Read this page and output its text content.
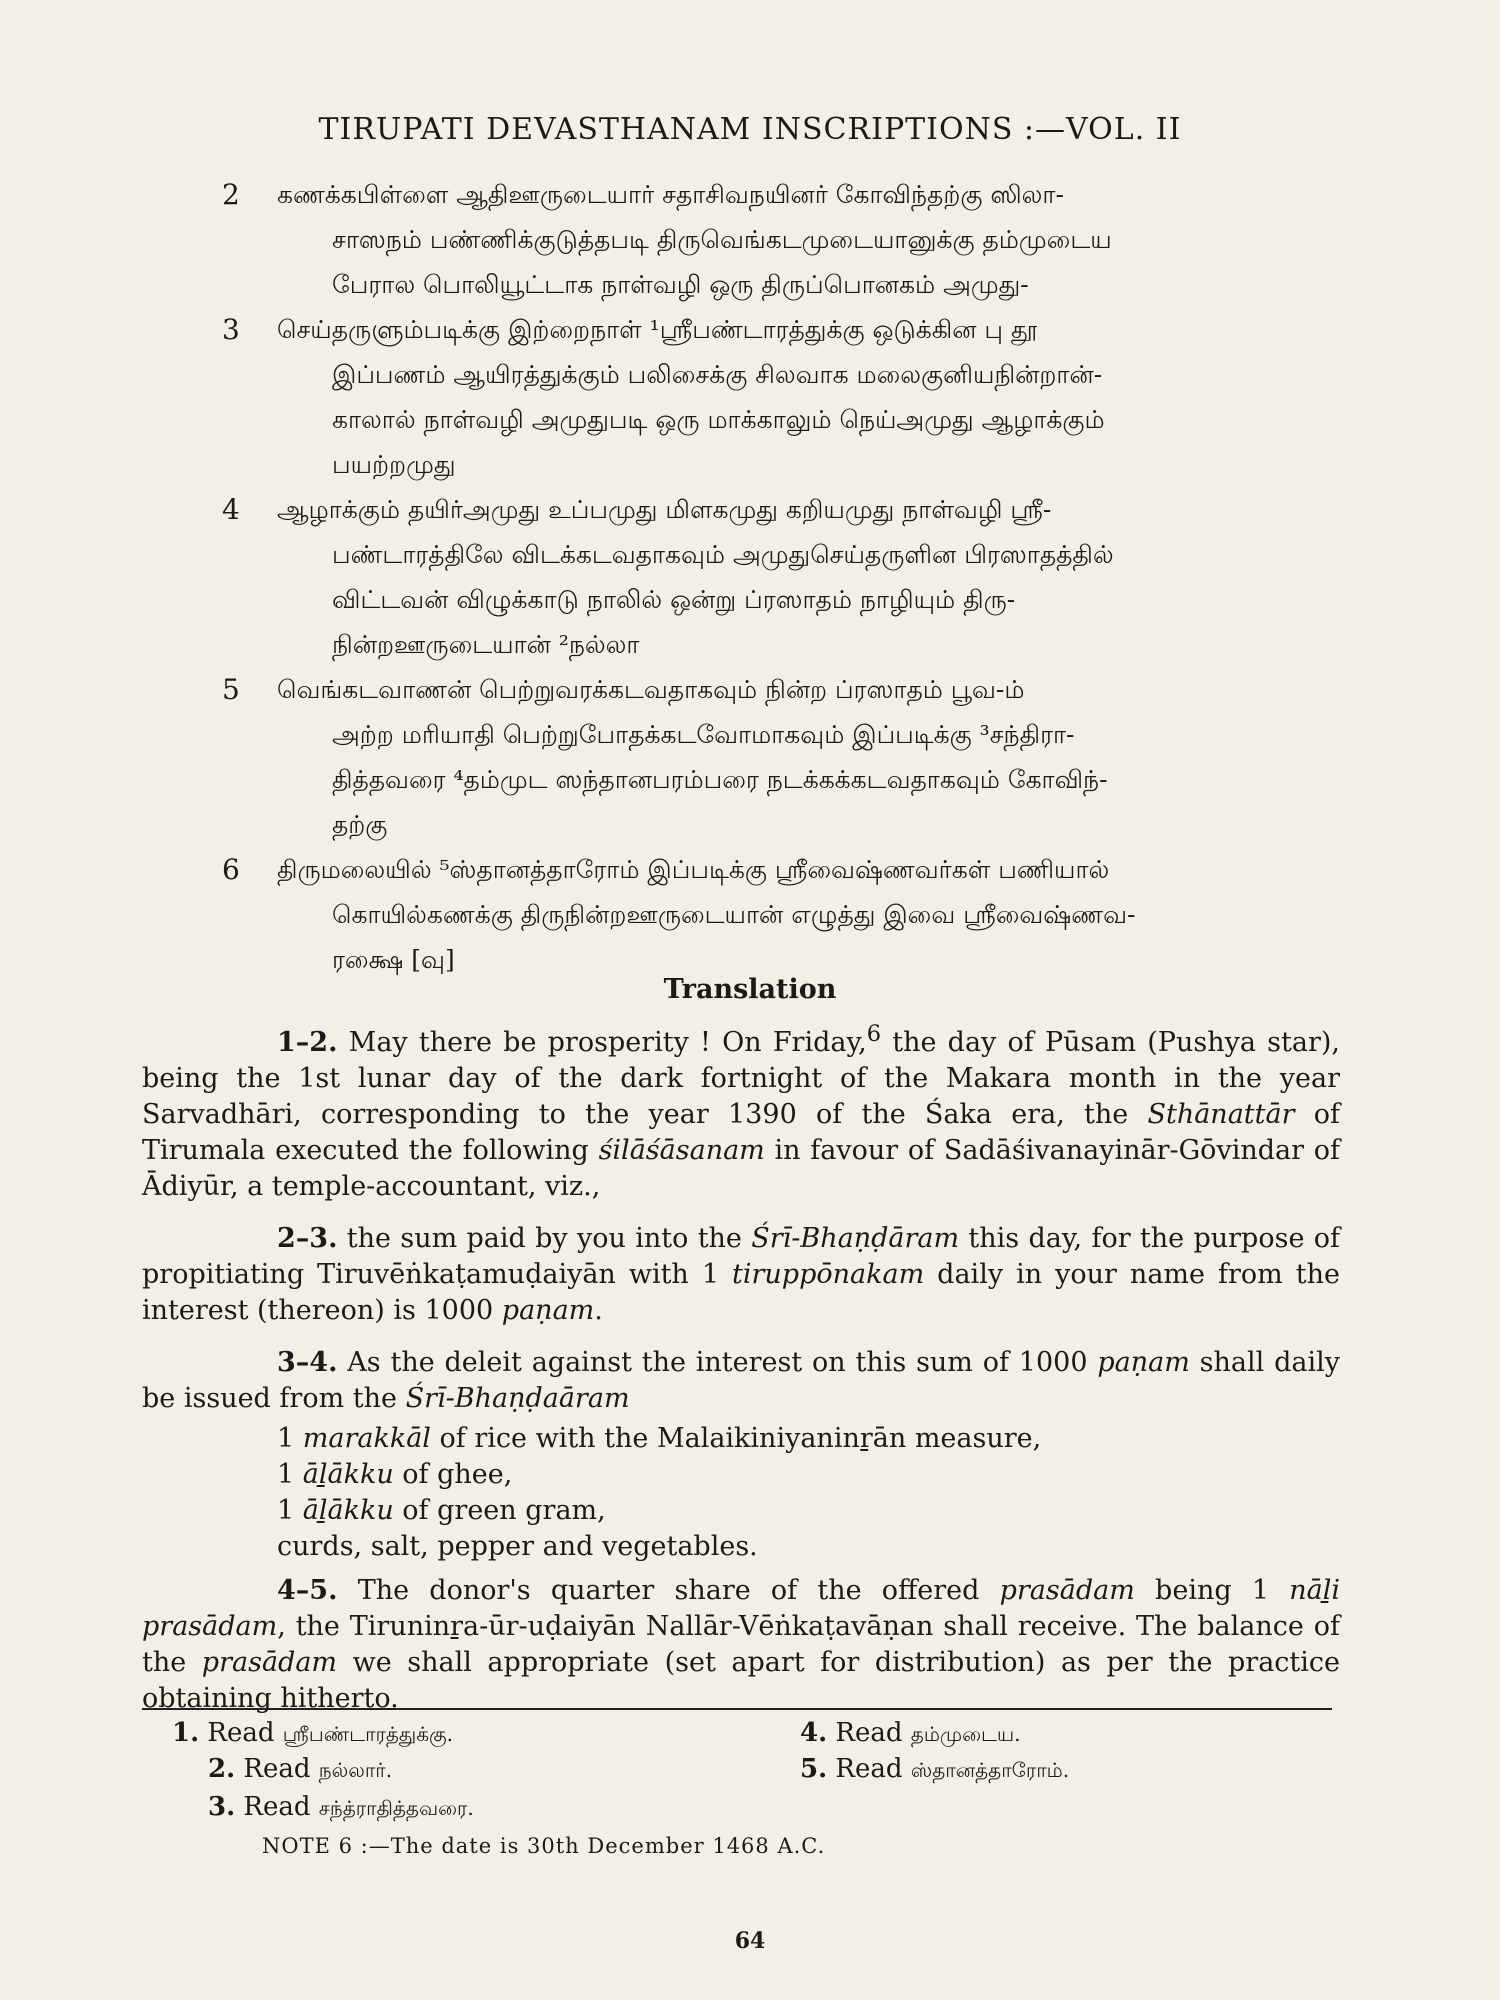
TIRUPATI DEVASTHANAM INSCRIPTIONS :—VOL. II
2	கணக்கபிள்ளை ஆதிஊருடையார் சதாசிவநயினர் கோவிந்தற்கு ஸிலா-
சாஸநம் பண்ணிக்குடுத்தபடி திருவெங்கடமுடையானுக்கு தம்முடைய
பேரால பொலியூட்டாக நாள்வழி ஒரு திருப்பொனகம் அமுது-
3	செய்தருளும்படிக்கு இற்றைநாள் ¹ஸ்ரீபண்டாரத்துக்கு ஒடுக்கின பு தூ
இப்பணம் ஆயிரத்துக்கும் பலிசைக்கு சிலவாக மலைகுனியநின்றான்-
காலால் நாள்வழி அமுதுபடி ஒரு மாக்காலும் நெய்அமுது ஆழாக்கும்
பயற்றமுது
4	ஆழாக்கும் தயிர்அமுது உப்பமுது மிளகமுது கறியமுது நாள்வழி ஸ்ரீ-
பண்டாரத்திலே விடக்கடவதாகவும் அமுதுசெய்தருளின பிரஸாதத்தில்
விட்டவன் விழுக்காடு நாலில் ஒன்று ப்ரஸாதம் நாழியும் திரு-
நின்றஊருடையான் ²நல்லா
5	வெங்கடவாணன் பெற்றுவரக்கடவதாகவும் நின்ற ப்ரஸாதம் பூவ-ம்
அற்ற மரியாதி பெற்றுபோதக்கடவோமாகவும் இப்படிக்கு ³சந்திரா-
தித்தவரை ⁴தம்முட ஸந்தானபரம்பரை நடக்கக்கடவதாகவும் கோவிந்-
தற்கு
6	திருமலையில் ⁵ஸ்தானத்தாரோம் இப்படிக்கு ஸ்ரீவைஷ்ணவர்கள் பணியால்
கொயில்கணக்கு திருநின்றஊருடையான் எழுத்து இவை ஸ்ரீவைஷ்ணவ-
ரக்ஷை [வு]
Translation

1–2. May there be prosperity ! On Friday,$^6$ the day of Pūsam (Pushya star), being the 1st lunar day of the dark fortnight of the Makara month in the year Sarvadhāri, corresponding to the year 1390 of the Śaka era, the Sthānattār of Tirumala executed the following śilāśāsanam in favour of Sadāśivanayinār-Gōvindar of Ādiyūr, a temple-accountant, viz.,

2–3. the sum paid by you into the Śrī-Bhaṇḍāram this day, for the purpose of propitiating Tiruvēṅkaṭamuḍaiyān with 1 tiruppōnakam daily in your name from the interest (thereon) is 1000 paṇam.

3–4. As the deleit against the interest on this sum of 1000 paṇam shall daily be issued from the Śrī-Bhaṇḍaāram

1 marakkāl of rice with the Malaikiniyaninṟān measure,
1 āḻākku of ghee,
1 āḻākku of green gram,
curds, salt, pepper and vegetables.

4–5. The donor's quarter share of the offered prasādam being 1 nāḻi prasādam, the Tiruninṟa-ūr-uḍaiyān Nallār-Vēṅkaṭavāṇan shall receive. The balance of the prasādam we shall appropriate (set apart for distribution) as per the practice obtaining hitherto.

1. Read ஸ்ரீபண்டாரத்துக்கு.
2. Read நல்லார்.
3. Read சந்த்ராதித்தவரை.
4. Read தம்முடைய.
5. Read ஸ்தானத்தாரோம்.
NOTE 6 :—The date is 30th December 1468 A.C.
64
